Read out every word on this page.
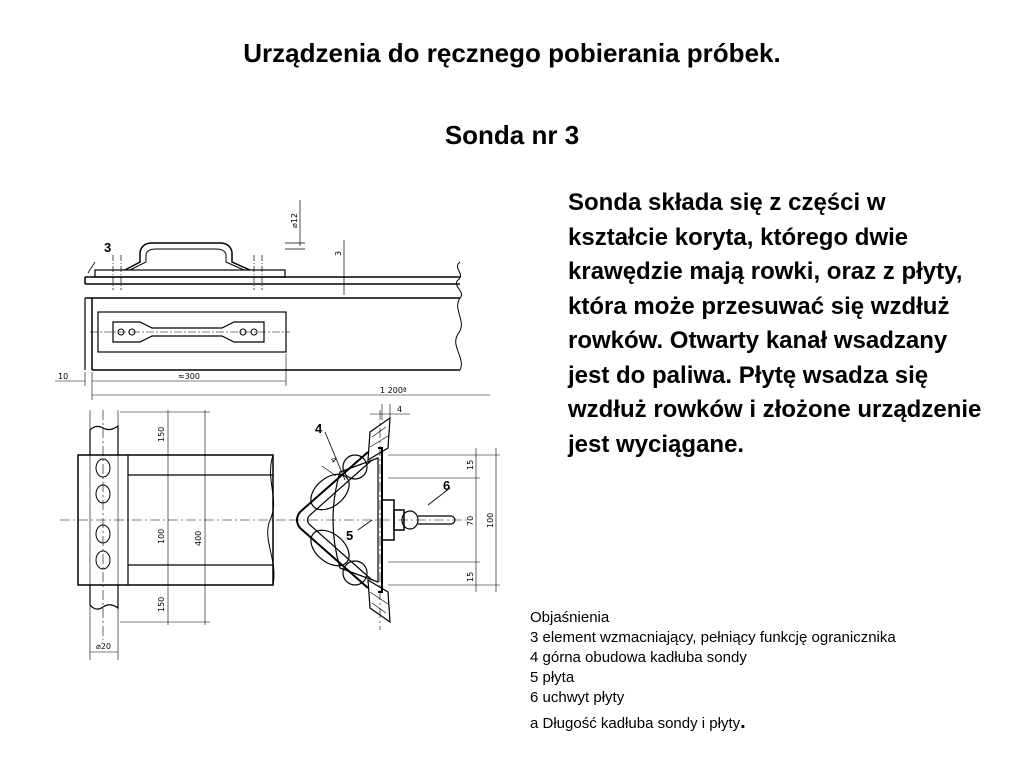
Urządzenia do ręcznego pobierania próbek.
Sonda nr 3
Sonda składa się z części w kształcie koryta, którego dwie krawędzie mają rowki, oraz z płyty, która może przesuwać się wzdłuż rowków. Otwarty kanał wsadzany jest do paliwa. Płytę wsadza się wzdłuż rowków i złożone urządzenie jest wyciągane.
Objaśnienia
3 element wzmacniający, pełniący funkcję ogranicznika
4 górna obudowa kadłuba sondy
5 płyta
6 uchwyt płyty
a Długość kadłuba sondy i płyty.
3
4
5
6
⌀12
3
10	≈300
1 200ª
4
150
100	400
150
⌀20
4	15
70 100
15
